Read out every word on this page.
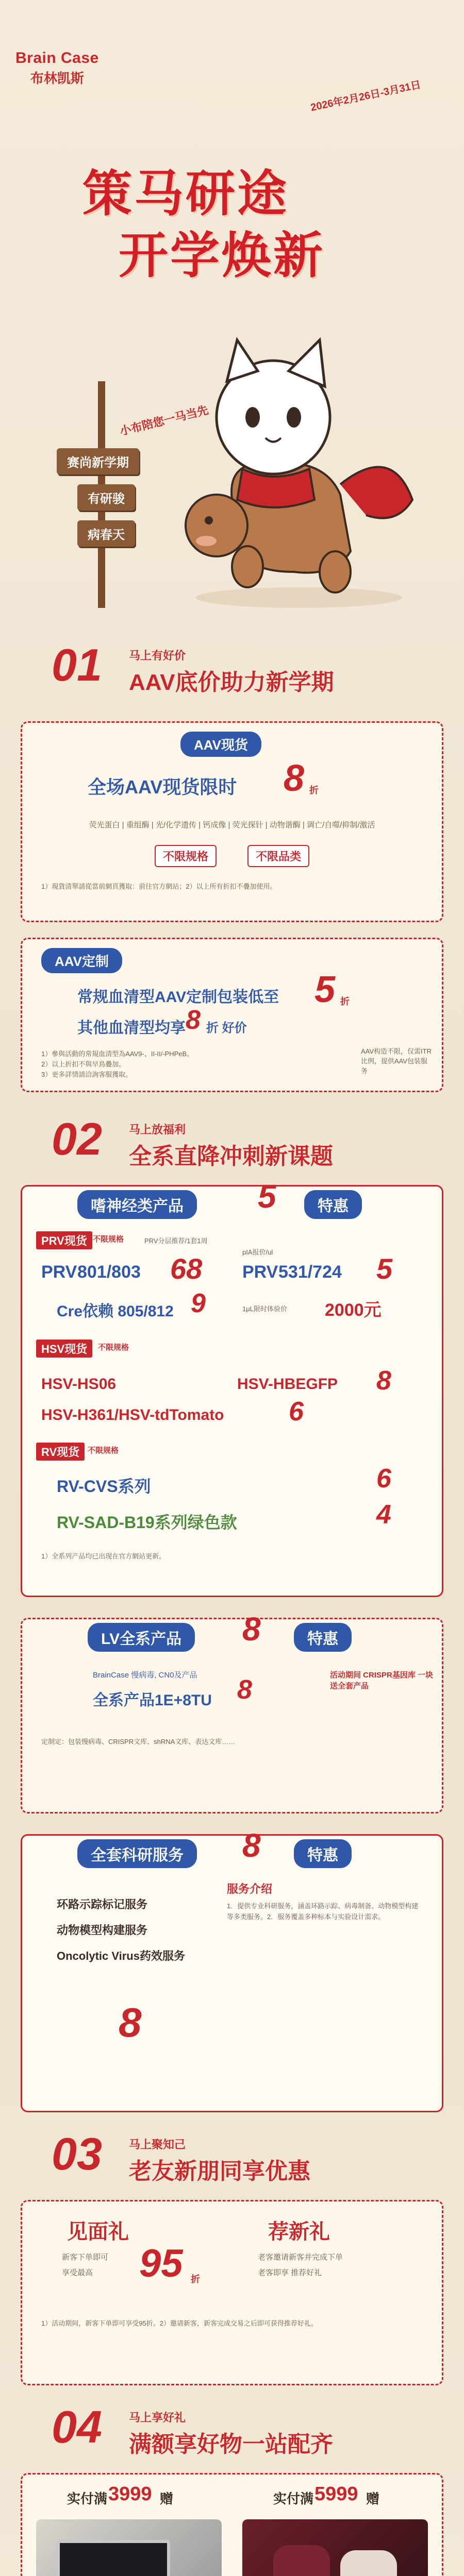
Brain Case
布林凯斯
2026年2月26日-3月31日
策马研途
开学焕新
小布陪您一马当先
赛尚新学期
有研骏
病春天
01 马上有好价
AAV底价助力新学期
AAV现货
全场AAV现货限时 8 折
荧光蛋白 | 重组酶 | 光/化学遗传 | 钙成像 | 荧光探针 | 动物谐酶 | 调亡/自噬/抑制/激活
不限规格	不限品类
1）現貨清單請從當前網頁獲取：前往官方網站；2）以上所有折扣不疊加使用。
AAV定制
常规血清型AAV定制包装低至 5 折
其他血清型均享 8 折 好价
1）參與活動的常規血清型為AAV9-、II-II/-PHPeB。
2）以上折扣不與早鳥疊加。
3）更多詳情請洽詢客服獲取。
AAV构造不限，仅需ITR比例，提供AAV包装服务
02 马上放福利
全系直降冲刺新课题
嗜神经类产品	5	特惠
PRV现货 不限规格	PRV分层推荐/1套1周
PRV 801/803 68
pIA报价/ul
PRV 531/724 5
Cre依赖 805/812 9	1μL限时体验价 2000元
HSV现货	不限规格
HSV-HS06	HSV-HBEGFP 8
HSV-H361/HSV-tdTomato 6
RV现货	不限规格
RV-CVS系列	6
RV-SAD-B19系列绿色款	4
1）全系列产品均已出现在官方網站更新。
LV全系产品	8	特惠
BrainCase 慢病毒, CN0及产品
全系产品1E+8TU 8	活动期间 CRISPR基因库 一块送全套产品
定制定：包装慢病毒、CRISPR文库、shRNA文库、表达文库……
全套科研服务	8	特惠
环路示踪标记服务
动物模型构建服务
Oncolytic Virus药效服务
8
服务介绍
1．提供专业科研服务，涵盖环路示踪、病毒制备、动物模型构建等多类服务。2．服务覆盖多种标本与实验设计需求。
03 马上聚知己
老友新朋同享优惠
见面礼
新客下单即可
享受最高 95 折
荐新礼
老客邀请新客并完成下单
老客即享 推荐好礼
1）活动期间，新客下单即可享受95折。2）邀请新客，新客完成交易之后即可获得推荐好礼。
04 马上享好礼
满额享好物一站配齐
实付满 3999 赠	实付满 5999 赠
